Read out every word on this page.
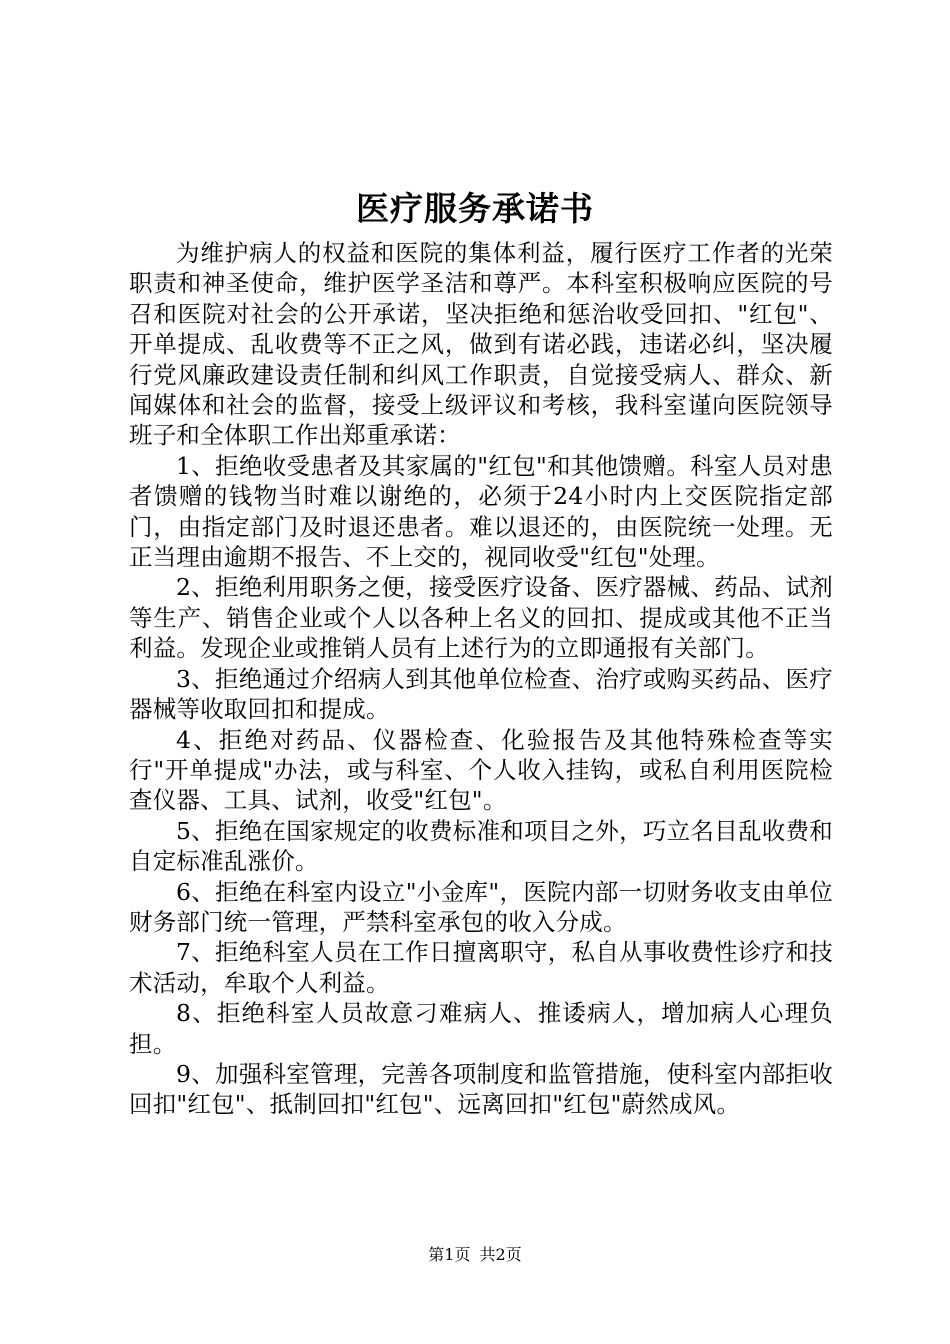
医疗服务承诺书

为维护病人的权益和医院的集体利益，履行医疗工作者的光荣职责和神圣使命，维护医学圣洁和尊严。本科室积极响应医院的号召和医院对社会的公开承诺，坚决拒绝和惩治收受回扣、"红包"、开单提成、乱收费等不正之风，做到有诺必践，违诺必纠，坚决履行党风廉政建设责任制和纠风工作职责，自觉接受病人、群众、新闻媒体和社会的监督，接受上级评议和考核，我科室谨向医院领导班子和全体职工作出郑重承诺：

1、拒绝收受患者及其家属的"红包"和其他馈赠。科室人员对患者馈赠的钱物当时难以谢绝的，必须于24小时内上交医院指定部门，由指定部门及时退还患者。难以退还的，由医院统一处理。无正当理由逾期不报告、不上交的，视同收受"红包"处理。

2、拒绝利用职务之便，接受医疗设备、医疗器械、药品、试剂等生产、销售企业或个人以各种上名义的回扣、提成或其他不正当利益。发现企业或推销人员有上述行为的立即通报有关部门。

3、拒绝通过介绍病人到其他单位检查、治疗或购买药品、医疗器械等收取回扣和提成。

4、拒绝对药品、仪器检查、化验报告及其他特殊检查等实行"开单提成"办法，或与科室、个人收入挂钩，或私自利用医院检查仪器、工具、试剂，收受"红包"。

5、拒绝在国家规定的收费标准和项目之外，巧立名目乱收费和自定标准乱涨价。

6、拒绝在科室内设立"小金库"，医院内部一切财务收支由单位财务部门统一管理，严禁科室承包的收入分成。

7、拒绝科室人员在工作日擅离职守，私自从事收费性诊疗和技术活动，牟取个人利益。

8、拒绝科室人员故意刁难病人、推诿病人，增加病人心理负担。

9、加强科室管理，完善各项制度和监管措施，使科室内部拒收回扣"红包"、抵制回扣"红包"、远离回扣"红包"蔚然成风。

第1页 共2页
